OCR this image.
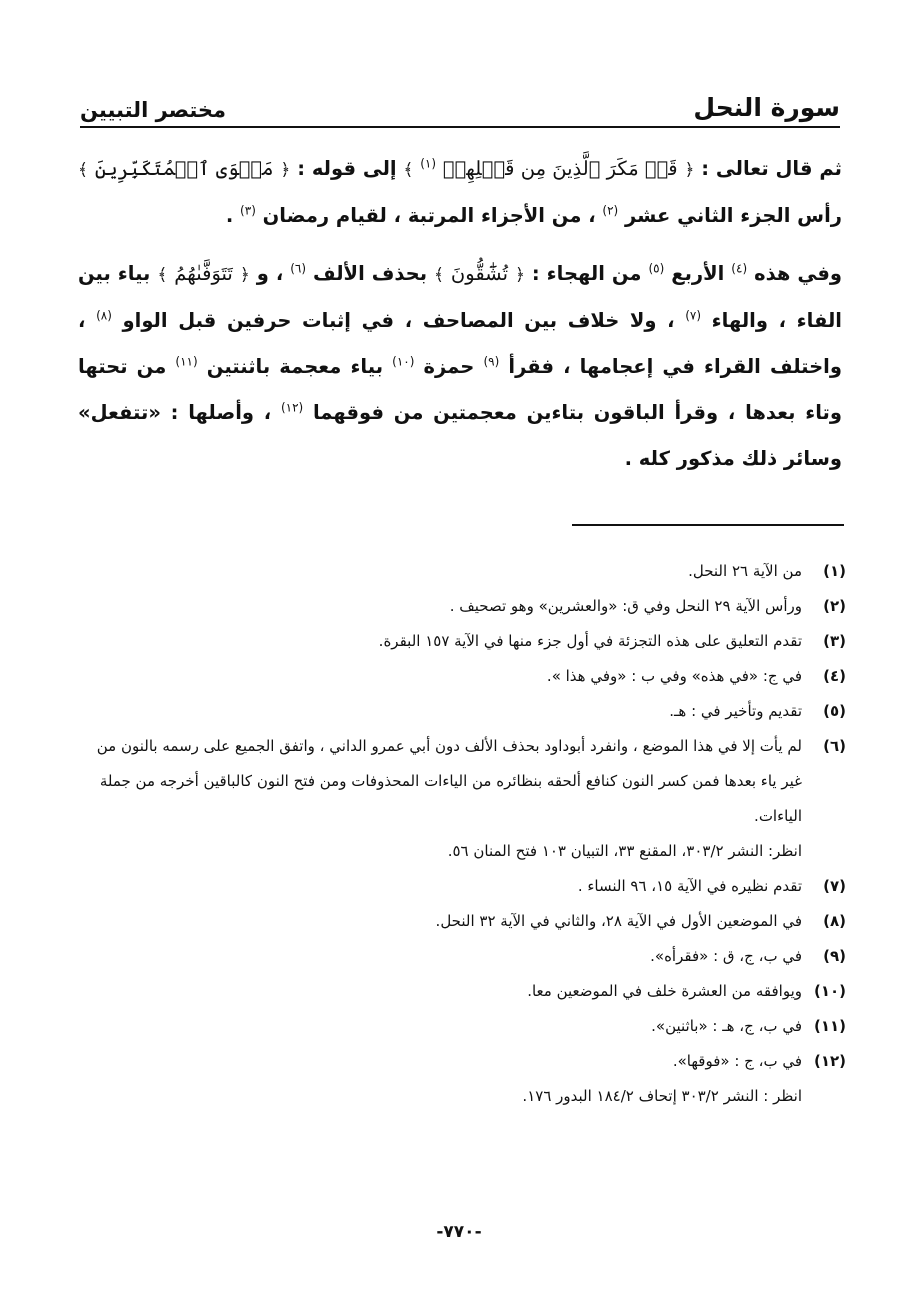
سورة النحل
مختصر التبيين

ثم قال تعالى : ﴿ قَدۡ مَكَرَ ٱلَّذِينَ مِن قَبۡلِهِمۡ $^{(١)}$ ﴾ إلى قوله : ﴿ مَثۡوَى ٱلۡمُتَكَبِّرِينَ ﴾ رأس الجزء الثاني عشر $^{(٢)}$ ، من الأجزاء المرتبة ، لقيام رمضان $^{(٣)}$ .

وفي هذه $^{(٤)}$ الأربع $^{(٥)}$ من الهجاء : ﴿ تُشَٰٓقُّونَ ﴾ بحذف الألف $^{(٦)}$ ، و ﴿ تَتَوَفَّىٰهُمُ ﴾ بياء بين الفاء ، والهاء $^{(٧)}$ ، ولا خلاف بين المصاحف ، في إثبات حرفين قبل الواو $^{(٨)}$ ، واختلف القراء في إعجامها ، فقرأ $^{(٩)}$ حمزة $^{(١٠)}$ بياء معجمة باثنتين $^{(١١)}$ من تحتها وتاء بعدها ، وقرأ الباقون بتاءين معجمتين من فوقهما $^{(١٢)}$ ، وأصلها : «تتفعل» وسائر ذلك مذكور كله .

(١)
من الآية ٢٦ النحل.
(٢)
ورأس الآية ٢٩ النحل وفي ق: «والعشرين» وهو تصحيف .
(٣)
تقدم التعليق على هذه التجزئة في أول جزء منها في الآية ١٥٧ البقرة.
(٤)
في ج: «في هذه» وفي ب : «وفي هذا ».
(٥)
تقديم وتأخير في : هـ.
(٦)
لم يأت إلا في هذا الموضع ، وانفرد أبوداود بحذف الألف دون أبي عمرو الداني ، واتفق الجميع على رسمه بالنون من غير ياء بعدها فمن كسر النون كنافع ألحقه بنظائره من الياءات المحذوفات ومن فتح النون كالباقين أخرجه من جملة الياءات.
انظر: النشر ٣٠٣/٢، المقنع ٣٣، التبيان ١٠٣ فتح المنان ٥٦.
(٧)
تقدم نظيره في الآية ١٥، ٩٦ النساء .
(٨)
في الموضعين الأول في الآية ٢٨، والثاني في الآية ٣٢ النحل.
(٩)
في ب، ج، ق : «فقرأه».
(١٠)
ويوافقه من العشرة خلف في الموضعين معا.
(١١)
في ب، ج، هـ : «باثنين».
(١٢)
في ب، ج : «فوقها».
انظر : النشر ٣٠٣/٢ إتحاف ١٨٤/٢ البدور ١٧٦.
-٧٧٠-
